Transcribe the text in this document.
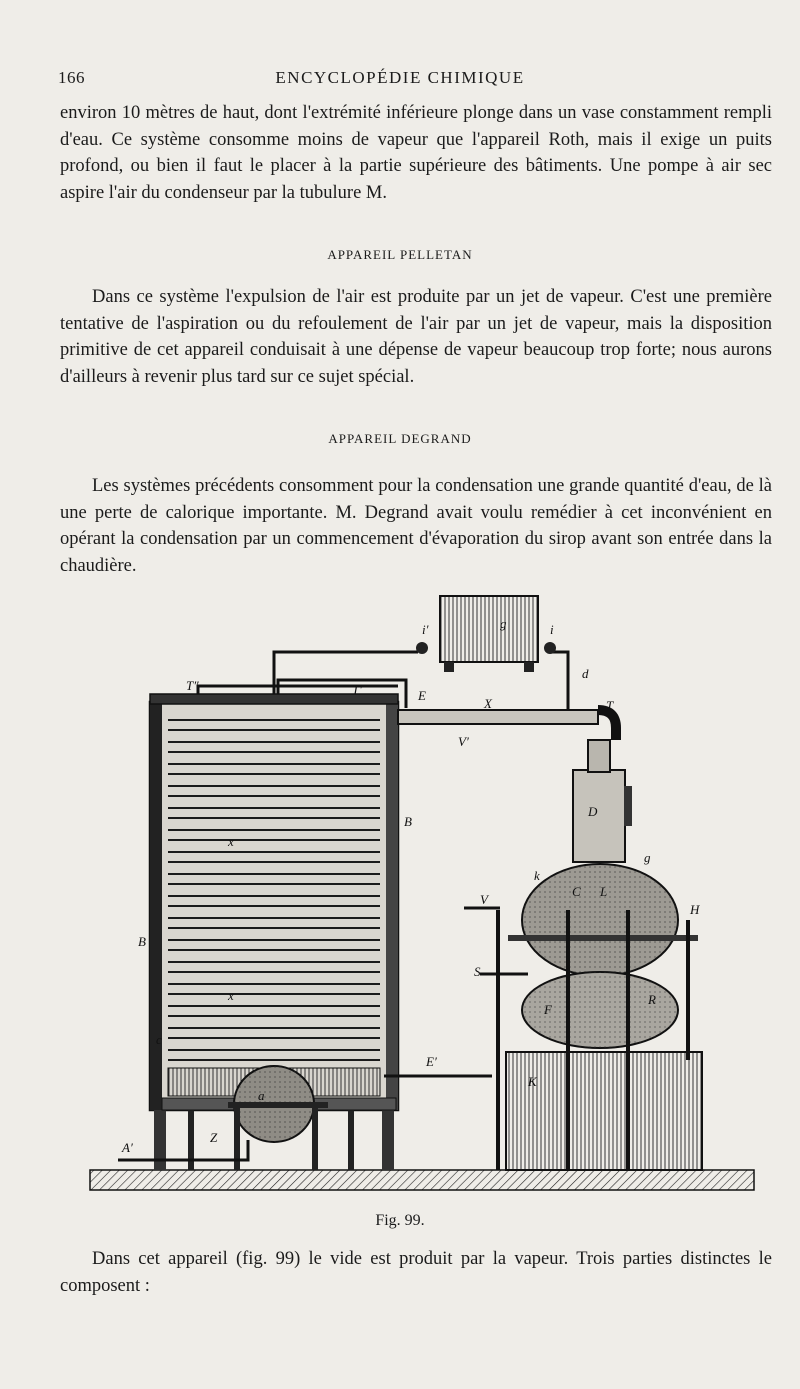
166	ENCYCLOPÉDIE CHIMIQUE

environ 10 mètres de haut, dont l'extrémité inférieure plonge dans un vase constamment rempli d'eau. Ce système consomme moins de vapeur que l'appareil Roth, mais il exige un puits profond, ou bien il faut le placer à la partie supérieure des bâtiments. Une pompe à air sec aspire l'air du condenseur par la tubulure M.

APPAREIL PELLETAN

Dans ce système l'expulsion de l'air est produite par un jet de vapeur. C'est une première tentative de l'aspiration ou du refoulement de l'air par un jet de vapeur, mais la disposition primitive de cet appareil conduisait à une dépense de vapeur beaucoup trop forte; nous aurons d'ailleurs à revenir plus tard sur ce sujet spécial.

APPAREIL DEGRAND

Les systèmes précédents consomment pour la condensation une grande quantité d'eau, de là une perte de calorique importante. M. Degrand avait voulu remédier à cet inconvénient en opérant la condensation par un commencement d'évaporation du sirop avant son entrée dans la chaudière.

T″	T′	E
X
V′
B
B
x
x
i′	i
g
d
T
D
k
g
H
C L
V
S
F
R
K
E′
A′
Z
a
c
Fig. 99.

Dans cet appareil (fig. 99) le vide est produit par la vapeur. Trois parties distinctes le composent :
